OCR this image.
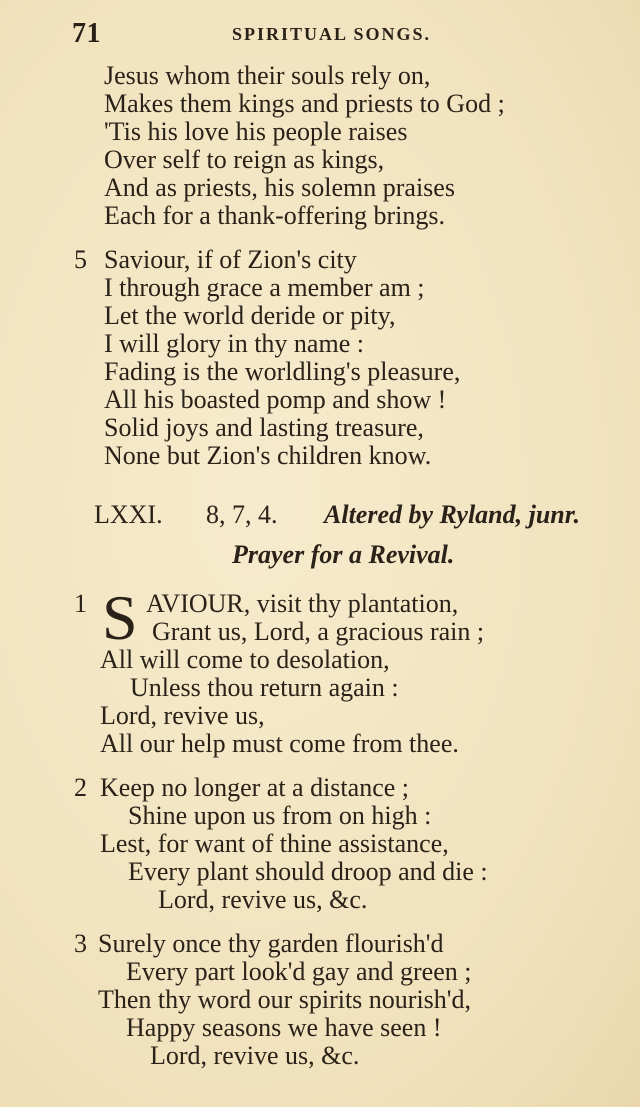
71	SPIRITUAL SONGS.
Jesus whom their souls rely on,
Makes them kings and priests to God ;
'Tis his love his people raises
Over self to reign as kings,
And as priests, his solemn praises
Each for a thank-offering brings.
5 Saviour, if of Zion's city
I through grace a member am ;
Let the world deride or pity,
I will glory in thy name :
Fading is the worldling's pleasure,
All his boasted pomp and show !
Solid joys and lasting treasure,
None but Zion's children know.
LXXI. 8, 7, 4. Altered by Ryland, junr.
Prayer for a Revival.
1 S AVIOUR, visit thy plantation,
Grant us, Lord, a gracious rain ;
All will come to desolation,
Unless thou return again :
Lord, revive us,
All our help must come from thee.
2 Keep no longer at a distance ;
Shine upon us from on high :
Lest, for want of thine assistance,
Every plant should droop and die :
Lord, revive us, &c.
3 Surely once thy garden flourish'd
Every part look'd gay and green ;
Then thy word our spirits nourish'd,
Happy seasons we have seen !
Lord, revive us, &c.
